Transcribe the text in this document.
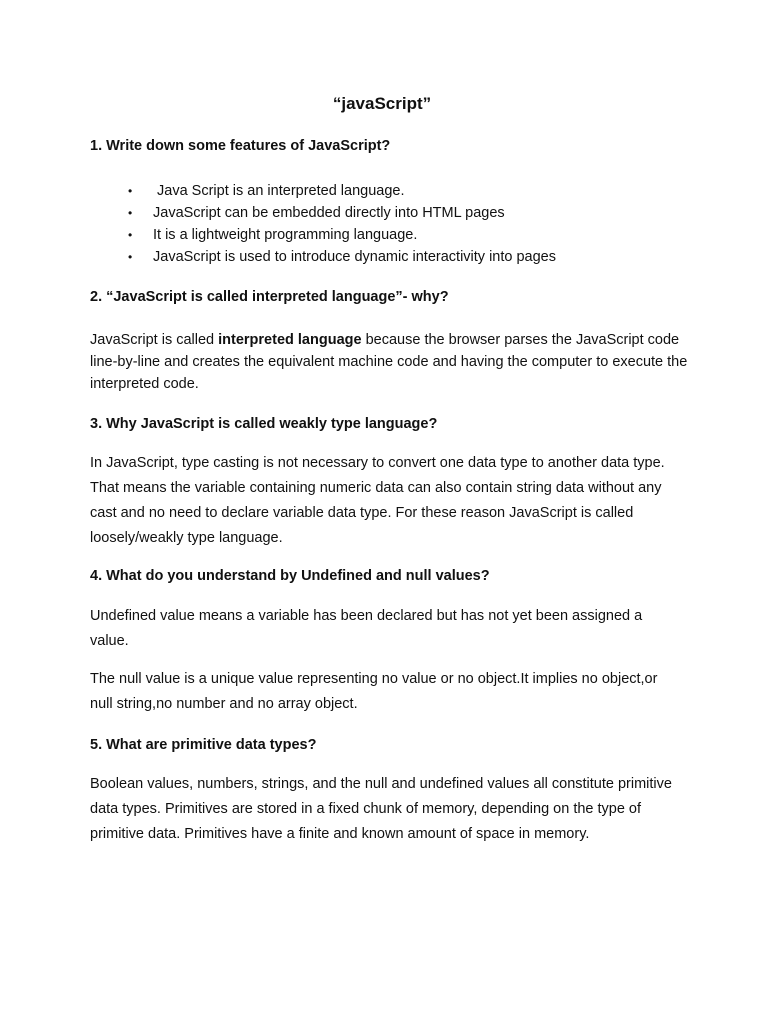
“javaScript”
1. Write down some features of JavaScript?
• Java Script is an interpreted language.
• JavaScript can be embedded directly into HTML pages
• It is a lightweight programming language.
• JavaScript is used to introduce dynamic interactivity into pages
2. “JavaScript is called interpreted language”- why?

JavaScript is called interpreted language because the browser parses the JavaScript code line-by-line and creates the equivalent machine code and having the computer to execute the interpreted code.

3. Why JavaScript is called weakly type language?

In JavaScript, type casting is not necessary to convert one data type to another data type. That means the variable containing numeric data can also contain string data without any cast and no need to declare variable data type. For these reason JavaScript is called loosely/weakly type language.

4. What do you understand by Undefined and null values?

Undefined value means a variable has been declared but has not yet been assigned a value.

The null value is a unique value representing no value or no object.It implies no object,or null string,no number and no array object.

5. What are primitive data types?

Boolean values, numbers, strings, and the null and undefined values all constitute primitive data types. Primitives are stored in a fixed chunk of memory, depending on the type of primitive data. Primitives have a finite and known amount of space in memory.
